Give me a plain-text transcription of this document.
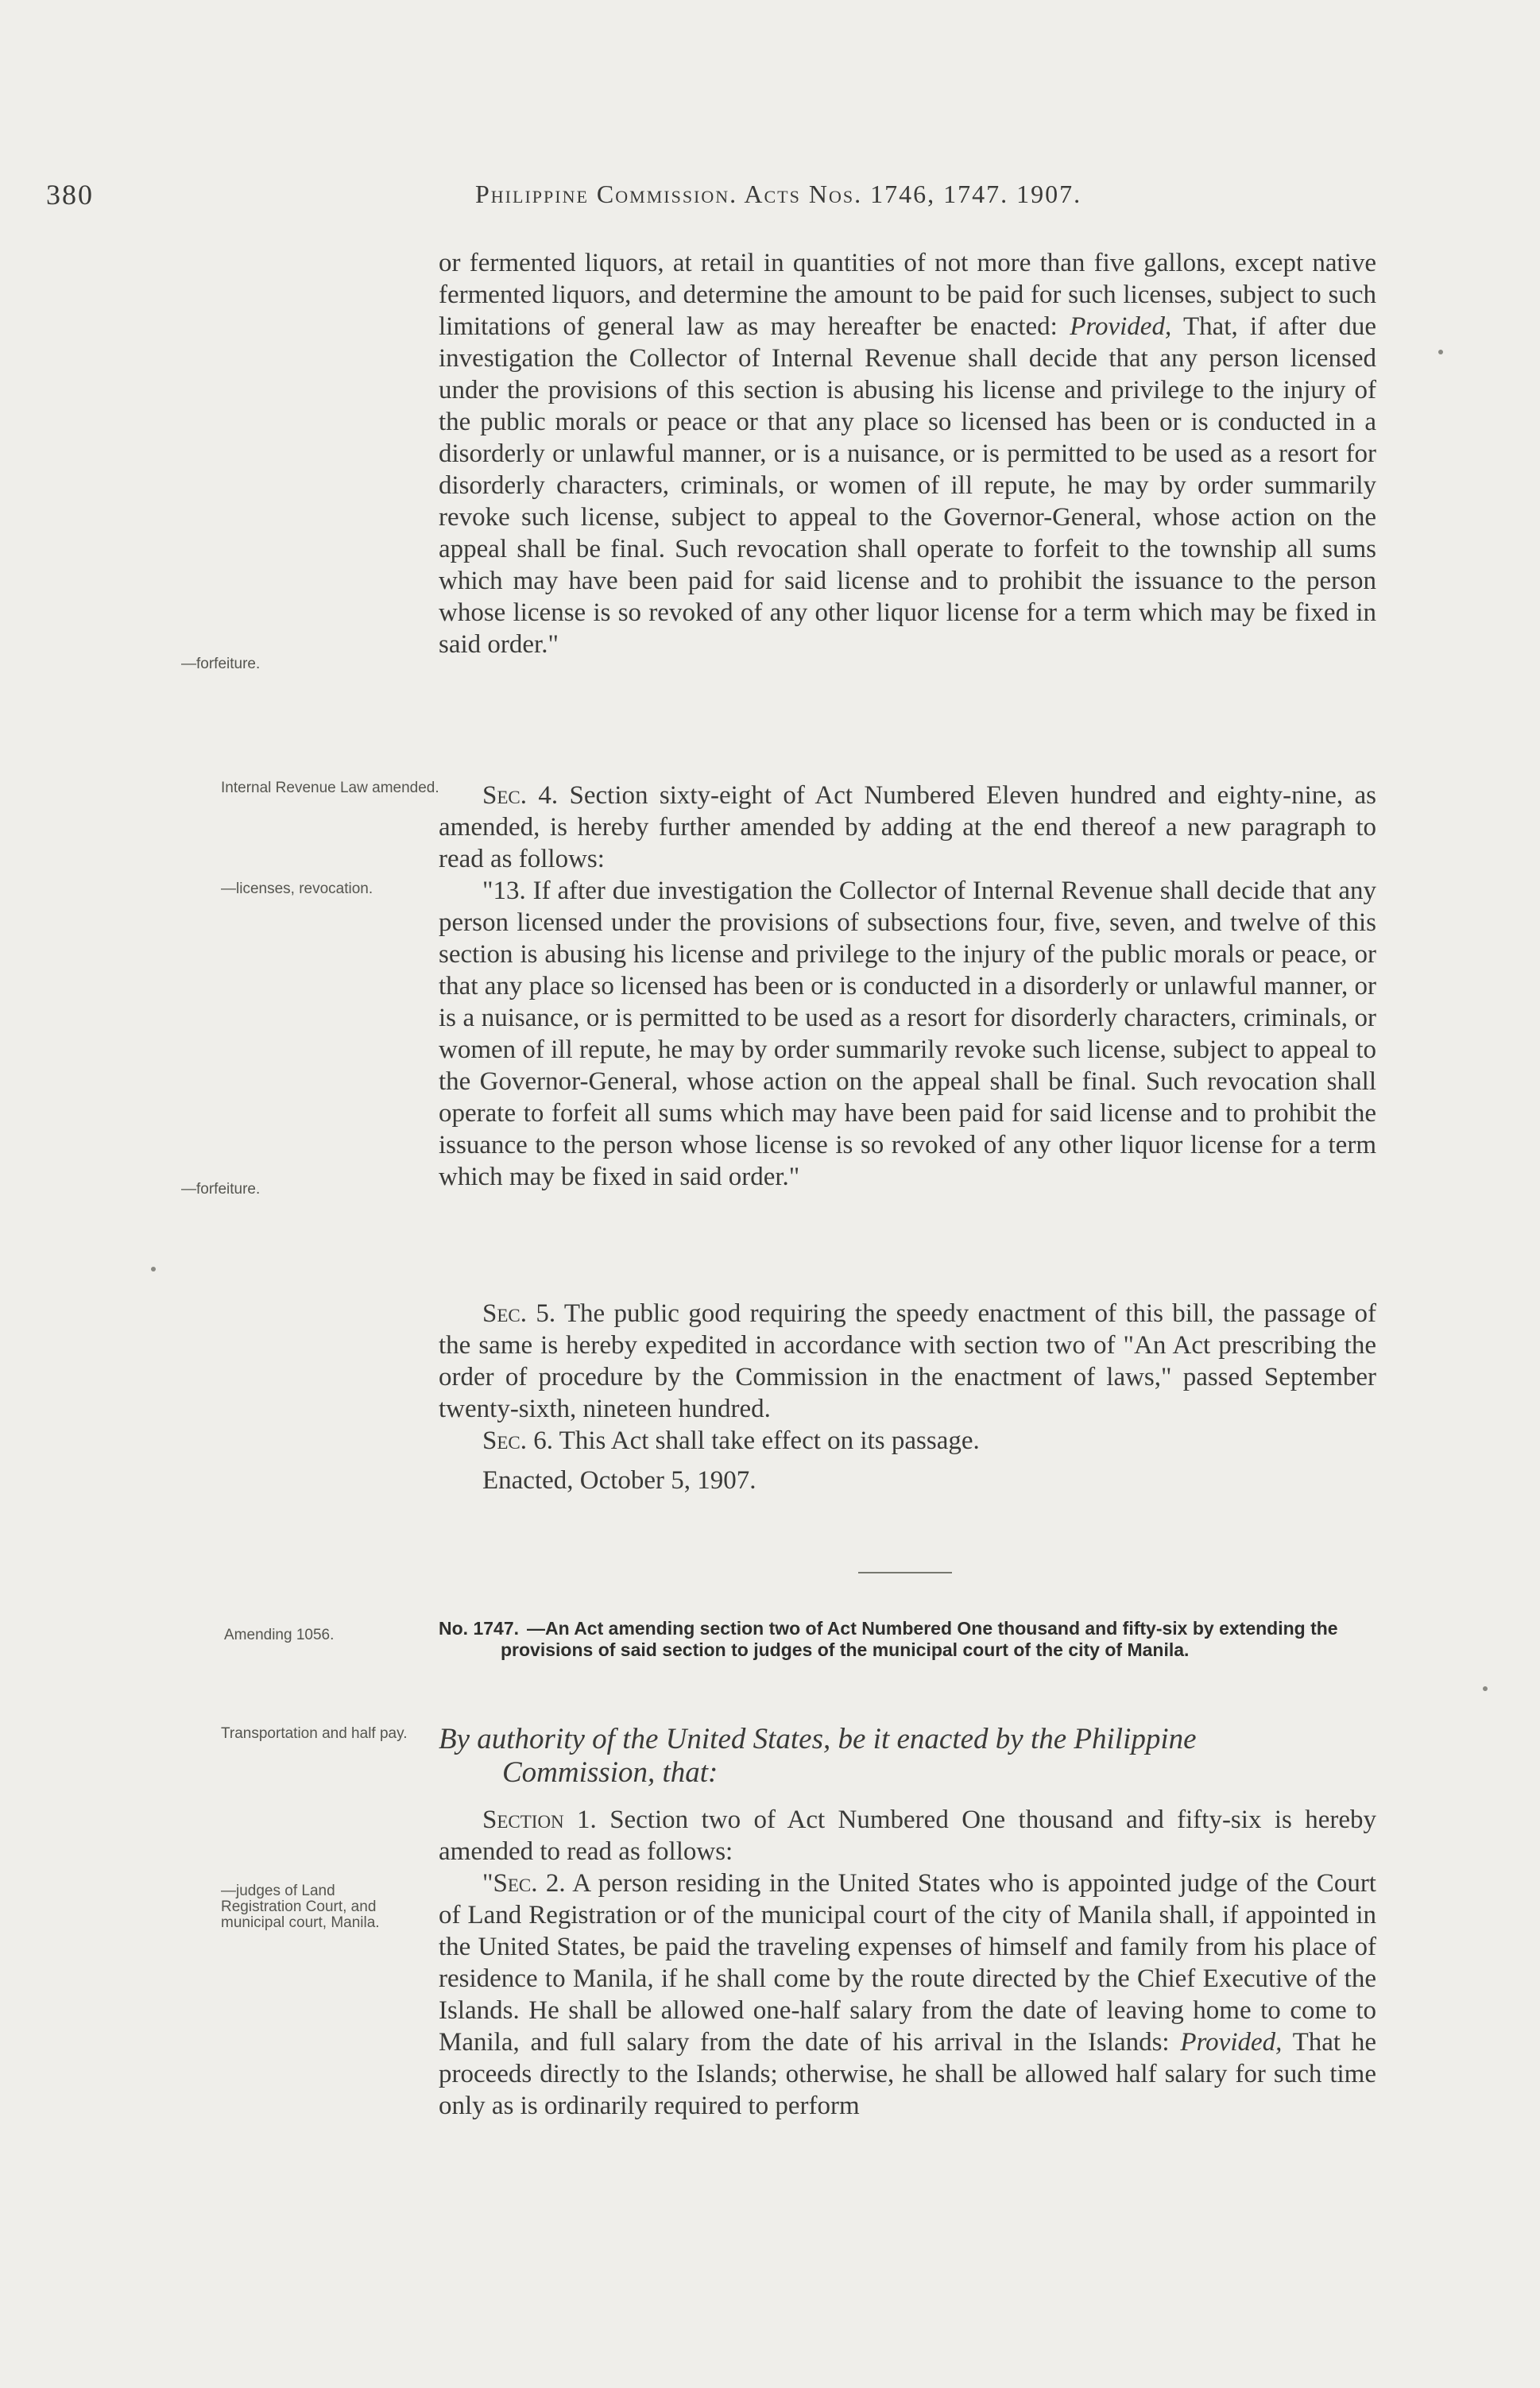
380	Philippine Commission. Acts Nos. 1746, 1747. 1907.

or fermented liquors, at retail in quantities of not more than five gallons, except native fermented liquors, and determine the amount to be paid for such licenses, subject to such limitations of general law as may hereafter be enacted: Provided, That, if after due investigation the Collector of Internal Revenue shall decide that any person licensed under the provisions of this section is abusing his license and privilege to the injury of the public morals or peace or that any place so licensed has been or is conducted in a disorderly or unlawful manner, or is a nuisance, or is permitted to be used as a resort for disorderly characters, criminals, or women of ill repute, he may by order summarily revoke such license, subject to appeal to the Governor-General, whose action on the appeal shall be final. Such revocation shall operate to forfeit to the township all sums which may have been paid for said license and to prohibit the issuance to the person whose license is so revoked of any other liquor license for a term which may be fixed in said order."

Sec. 4. Section sixty-eight of Act Numbered Eleven hundred and eighty-nine, as amended, is hereby further amended by adding at the end thereof a new paragraph to read as follows:

"13. If after due investigation the Collector of Internal Revenue shall decide that any person licensed under the provisions of subsections four, five, seven, and twelve of this section is abusing his license and privilege to the injury of the public morals or peace, or that any place so licensed has been or is conducted in a disorderly or unlawful manner, or is a nuisance, or is permitted to be used as a resort for disorderly characters, criminals, or women of ill repute, he may by order summarily revoke such license, subject to appeal to the Governor-General, whose action on the appeal shall be final. Such revocation shall operate to forfeit all sums which may have been paid for said license and to prohibit the issuance to the person whose license is so revoked of any other liquor license for a term which may be fixed in said order."

Sec. 5. The public good requiring the speedy enactment of this bill, the passage of the same is hereby expedited in accordance with section two of "An Act prescribing the order of procedure by the Commission in the enactment of laws," passed September twenty-sixth, nineteen hundred.

Sec. 6. This Act shall take effect on its passage.

Enacted, October 5, 1907.

No. 1747. —An Act amending section two of Act Numbered One thousand and fifty-six by extending the provisions of said section to judges of the municipal court of the city of Manila.
By authority of the United States, be it enacted by the Philippine
Commission, that:

Section 1. Section two of Act Numbered One thousand and fifty-six is hereby amended to read as follows:

"Sec. 2. A person residing in the United States who is appointed judge of the Court of Land Registration or of the municipal court of the city of Manila shall, if appointed in the United States, be paid the traveling expenses of himself and family from his place of residence to Manila, if he shall come by the route directed by the Chief Executive of the Islands. He shall be allowed one-half salary from the date of leaving home to come to Manila, and full salary from the date of his arrival in the Islands: Provided, That he proceeds directly to the Islands; otherwise, he shall be allowed half salary for such time only as is ordinarily required to perform

—forfeiture.
Internal Revenue Law amended.
—licenses, revocation.
—forfeiture.
Amending 1056.
Transportation and half pay.
—judges of Land Registration Court, and municipal court, Manila.
